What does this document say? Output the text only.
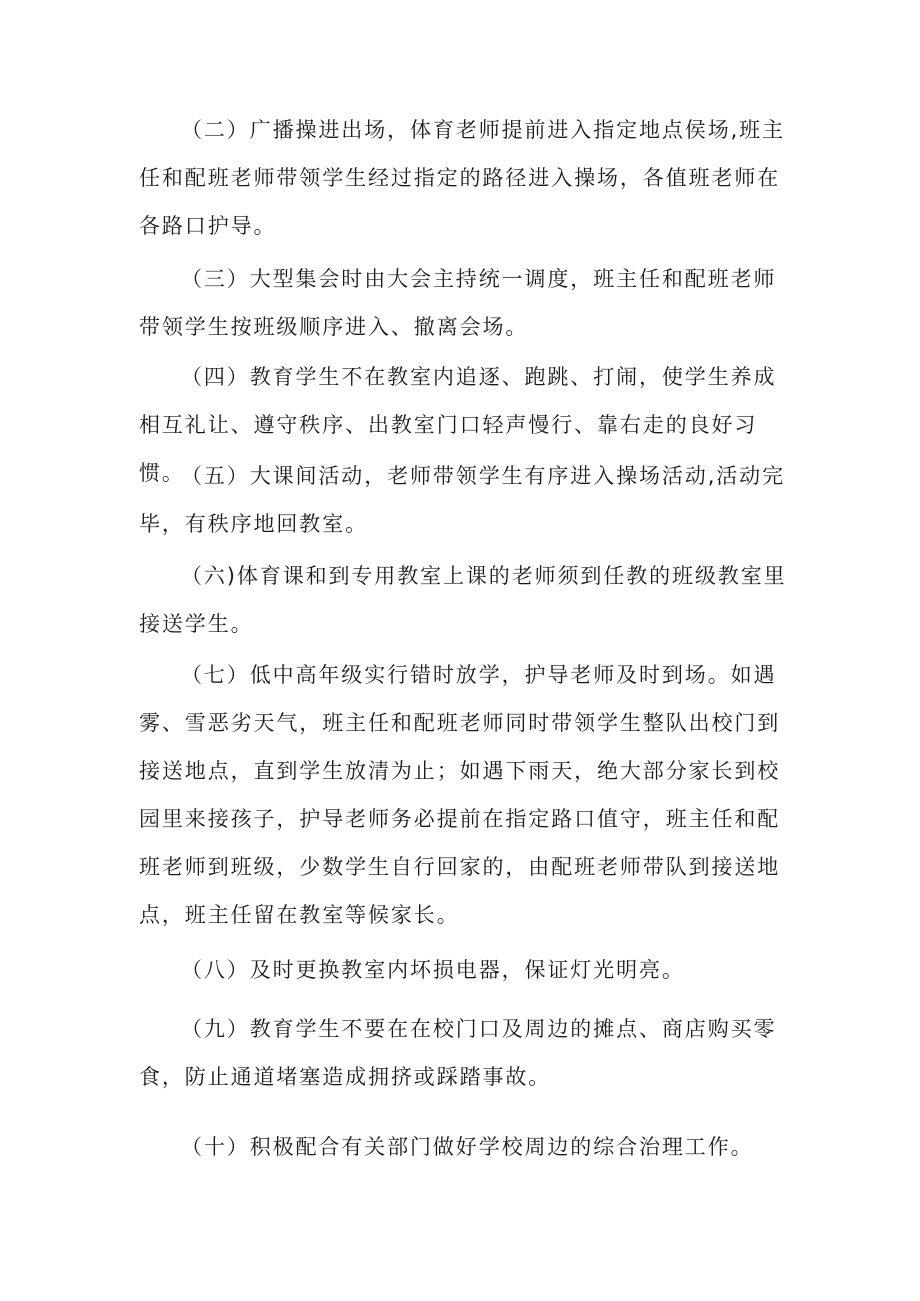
（二）广播操进出场，体育老师提前进入指定地点侯场,班主任和配班老师带领学生经过指定的路径进入操场，各值班老师在各路口护导。

（三）大型集会时由大会主持统一调度，班主任和配班老师带领学生按班级顺序进入、撤离会场。

（四）教育学生不在教室内追逐、跑跳、打闹，使学生养成相互礼让、遵守秩序、出教室门口轻声慢行、靠右走的良好习惯。

（五）大课间活动，老师带领学生有序进入操场活动,活动完毕，有秩序地回教室。

（六)体育课和到专用教室上课的老师须到任教的班级教室里接送学生。

（七）低中高年级实行错时放学，护导老师及时到场。如遇雾、雪恶劣天气，班主任和配班老师同时带领学生整队出校门到接送地点，直到学生放清为止；如遇下雨天，绝大部分家长到校园里来接孩子，护导老师务必提前在指定路口值守，班主任和配班老师到班级，少数学生自行回家的，由配班老师带队到接送地点，班主任留在教室等候家长。

（八）及时更换教室内坏损电器，保证灯光明亮。

（九）教育学生不要在在校门口及周边的摊点、商店购买零食，防止通道堵塞造成拥挤或踩踏事故。

（十）积极配合有关部门做好学校周边的综合治理工作。
